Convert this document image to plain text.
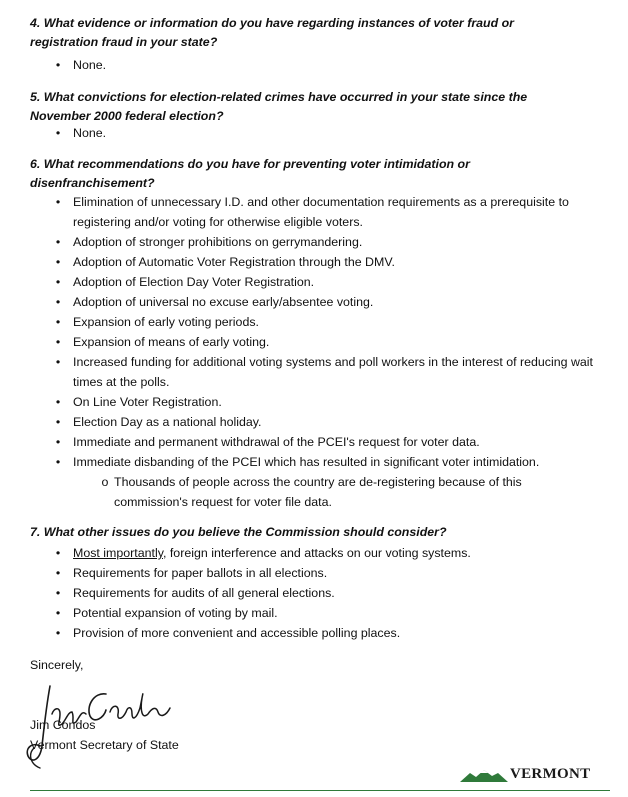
4. What evidence or information do you have regarding instances of voter fraud or
registration fraud in your state?
•	None.
5. What convictions for election-related crimes have occurred in your state since the
November 2000 federal election?
•	None.
6. What recommendations do you have for preventing voter intimidation or
disenfranchisement?
•	Elimination of unnecessary I.D. and other documentation requirements as a prerequisite to registering and/or voting for otherwise eligible voters.
•	Adoption of stronger prohibitions on gerrymandering.
•	Adoption of Automatic Voter Registration through the DMV.
•	Adoption of Election Day Voter Registration.
•	Adoption of universal no excuse early/absentee voting.
•	Expansion of early voting periods.
•	Expansion of means of early voting.
•	Increased funding for additional voting systems and poll workers in the interest of reducing wait times at the polls.
•	On Line Voter Registration.
•	Election Day as a national holiday.
•	Immediate and permanent withdrawal of the PCEI's request for voter data.
•	Immediate disbanding of the PCEI which has resulted in significant voter intimidation.
o Thousands of people across the country are de-registering because of this commission's request for voter file data.
7. What other issues do you believe the Commission should consider?
•	Most importantly, foreign interference and attacks on our voting systems.
•	Requirements for paper ballots in all elections.
•	Requirements for audits of all general elections.
•	Potential expansion of voting by mail.
•	Provision of more convenient and accessible polling places.
Sincerely,
Jim Condos
Vermont Secretary of State
VERMONT
